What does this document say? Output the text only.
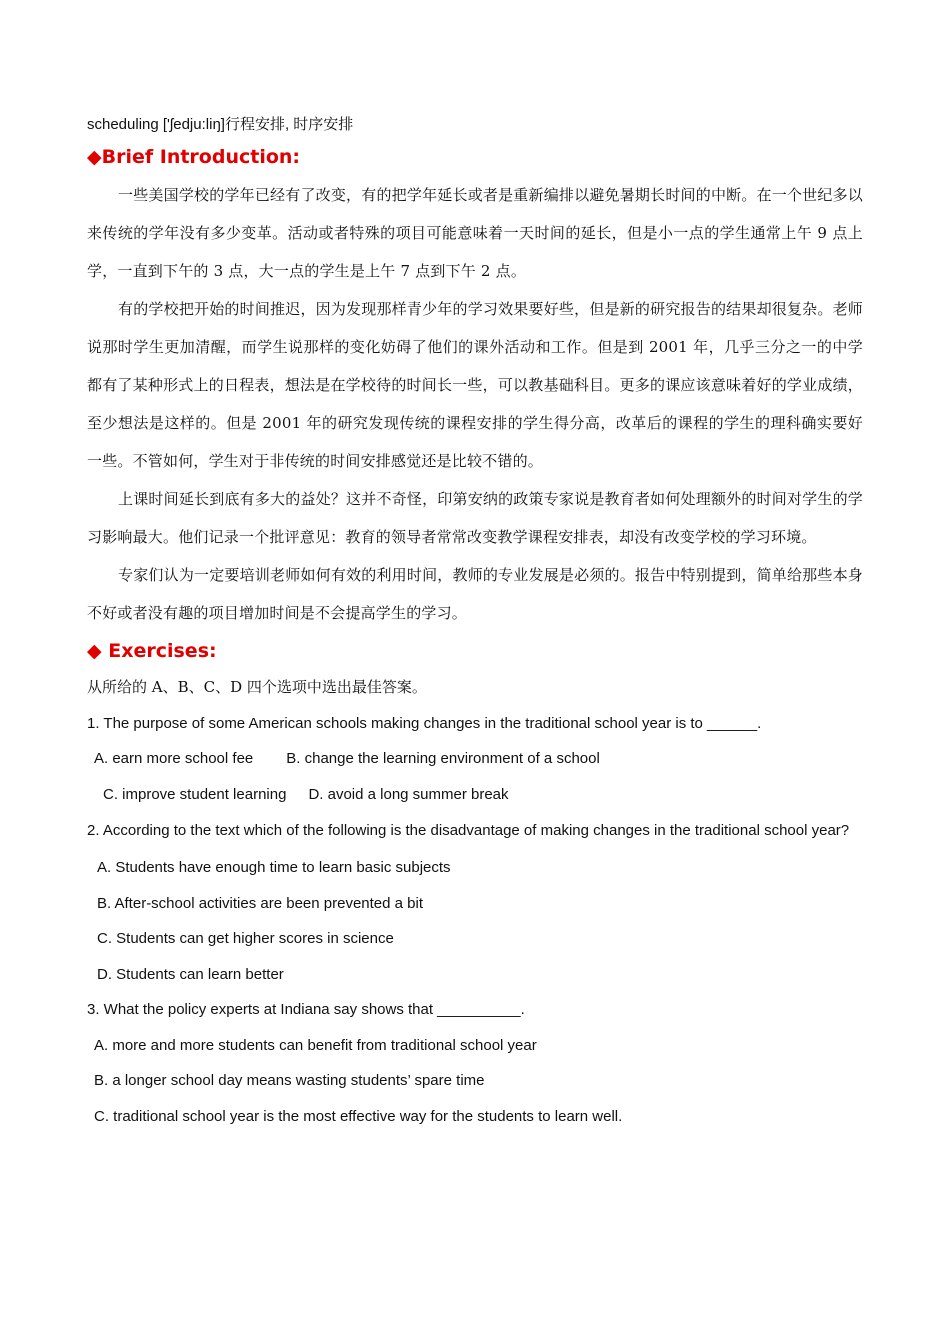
scheduling ['ʃedju:liŋ]行程安排, 时序安排
◆Brief Introduction:

一些美国学校的学年已经有了改变，有的把学年延长或者是重新编排以避免暑期长时间的中断。在一个世纪多以来传统的学年没有多少变革。活动或者特殊的项目可能意味着一天时间的延长，但是小一点的学生通常上午 9 点上学，一直到下午的 3 点，大一点的学生是上午 7 点到下午 2 点。

有的学校把开始的时间推迟，因为发现那样青少年的学习效果要好些，但是新的研究报告的结果却很复杂。老师说那时学生更加清醒，而学生说那样的变化妨碍了他们的课外活动和工作。但是到 2001 年，几乎三分之一的中学都有了某种形式上的日程表，想法是在学校待的时间长一些，可以教基础科目。更多的课应该意味着好的学业成绩，至少想法是这样的。但是 2001 年的研究发现传统的课程安排的学生得分高，改革后的课程的学生的理科确实要好一些。不管如何，学生对于非传统的时间安排感觉还是比较不错的。

上课时间延长到底有多大的益处？这并不奇怪，印第安纳的政策专家说是教育者如何处理额外的时间对学生的学习影响最大。他们记录一个批评意见：教育的领导者常常改变教学课程安排表，却没有改变学校的学习环境。

专家们认为一定要培训老师如何有效的利用时间，教师的专业发展是必须的。报告中特别提到，简单给那些本身不好或者没有趣的项目增加时间是不会提高学生的学习。

◆ Exercises:
从所给的 A、B、C、D 四个选项中选出最佳答案。
1. The purpose of some American schools making changes in the traditional school year is to ______.
A. earn more school fee B. change the learning environment of a school
C. improve student learning D. avoid a long summer break
2. According to the text which of the following is the disadvantage of making changes in the traditional school year?
A. Students have enough time to learn basic subjects
B. After-school activities are been prevented a bit
C. Students can get higher scores in science
D. Students can learn better
3. What the policy experts at Indiana say shows that __________.
A. more and more students can benefit from traditional school year
B. a longer school day means wasting students’ spare time
C. traditional school year is the most effective way for the students to learn well.
